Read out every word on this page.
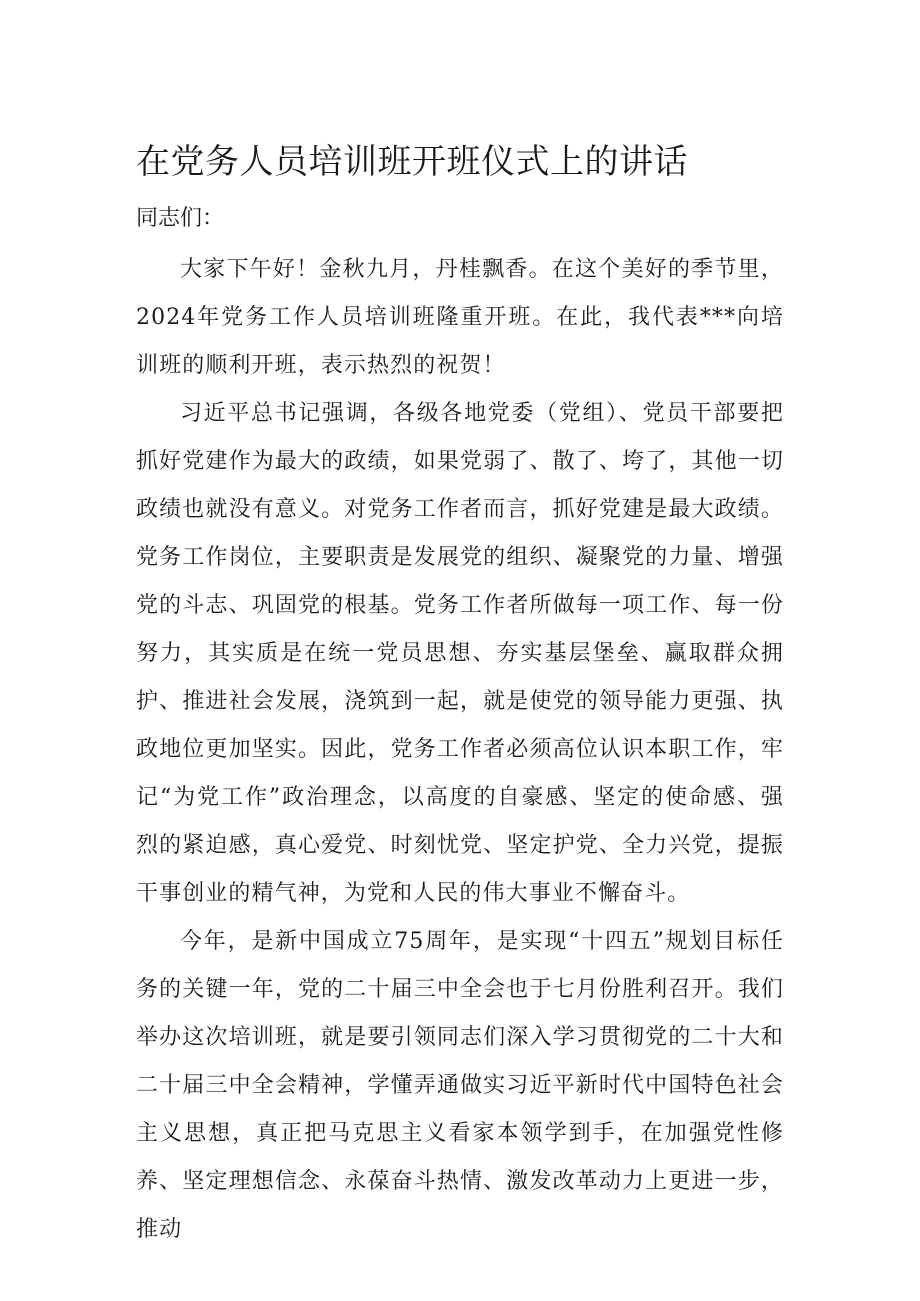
在党务人员培训班开班仪式上的讲话
同志们：

大家下午好！金秋九月，丹桂飘香。在这个美好的季节里，2024年党务工作人员培训班隆重开班。在此，我代表***向培训班的顺利开班，表示热烈的祝贺！

习近平总书记强调，各级各地党委（党组）、党员干部要把抓好党建作为最大的政绩，如果党弱了、散了、垮了，其他一切政绩也就没有意义。对党务工作者而言，抓好党建是最大政绩。党务工作岗位，主要职责是发展党的组织、凝聚党的力量、增强党的斗志、巩固党的根基。党务工作者所做每一项工作、每一份努力，其实质是在统一党员思想、夯实基层堡垒、赢取群众拥护、推进社会发展，浇筑到一起，就是使党的领导能力更强、执政地位更加坚实。因此，党务工作者必须高位认识本职工作，牢记“为党工作”政治理念，以高度的自豪感、坚定的使命感、强烈的紧迫感，真心爱党、时刻忧党、坚定护党、全力兴党，提振干事创业的精气神，为党和人民的伟大事业不懈奋斗。

今年，是新中国成立75周年，是实现“十四五”规划目标任务的关键一年，党的二十届三中全会也于七月份胜利召开。我们举办这次培训班，就是要引领同志们深入学习贯彻党的二十大和二十届三中全会精神，学懂弄通做实习近平新时代中国特色社会主义思想，真正把马克思主义看家本领学到手，在加强党性修养、坚定理想信念、永葆奋斗热情、激发改革动力上更进一步，推动
